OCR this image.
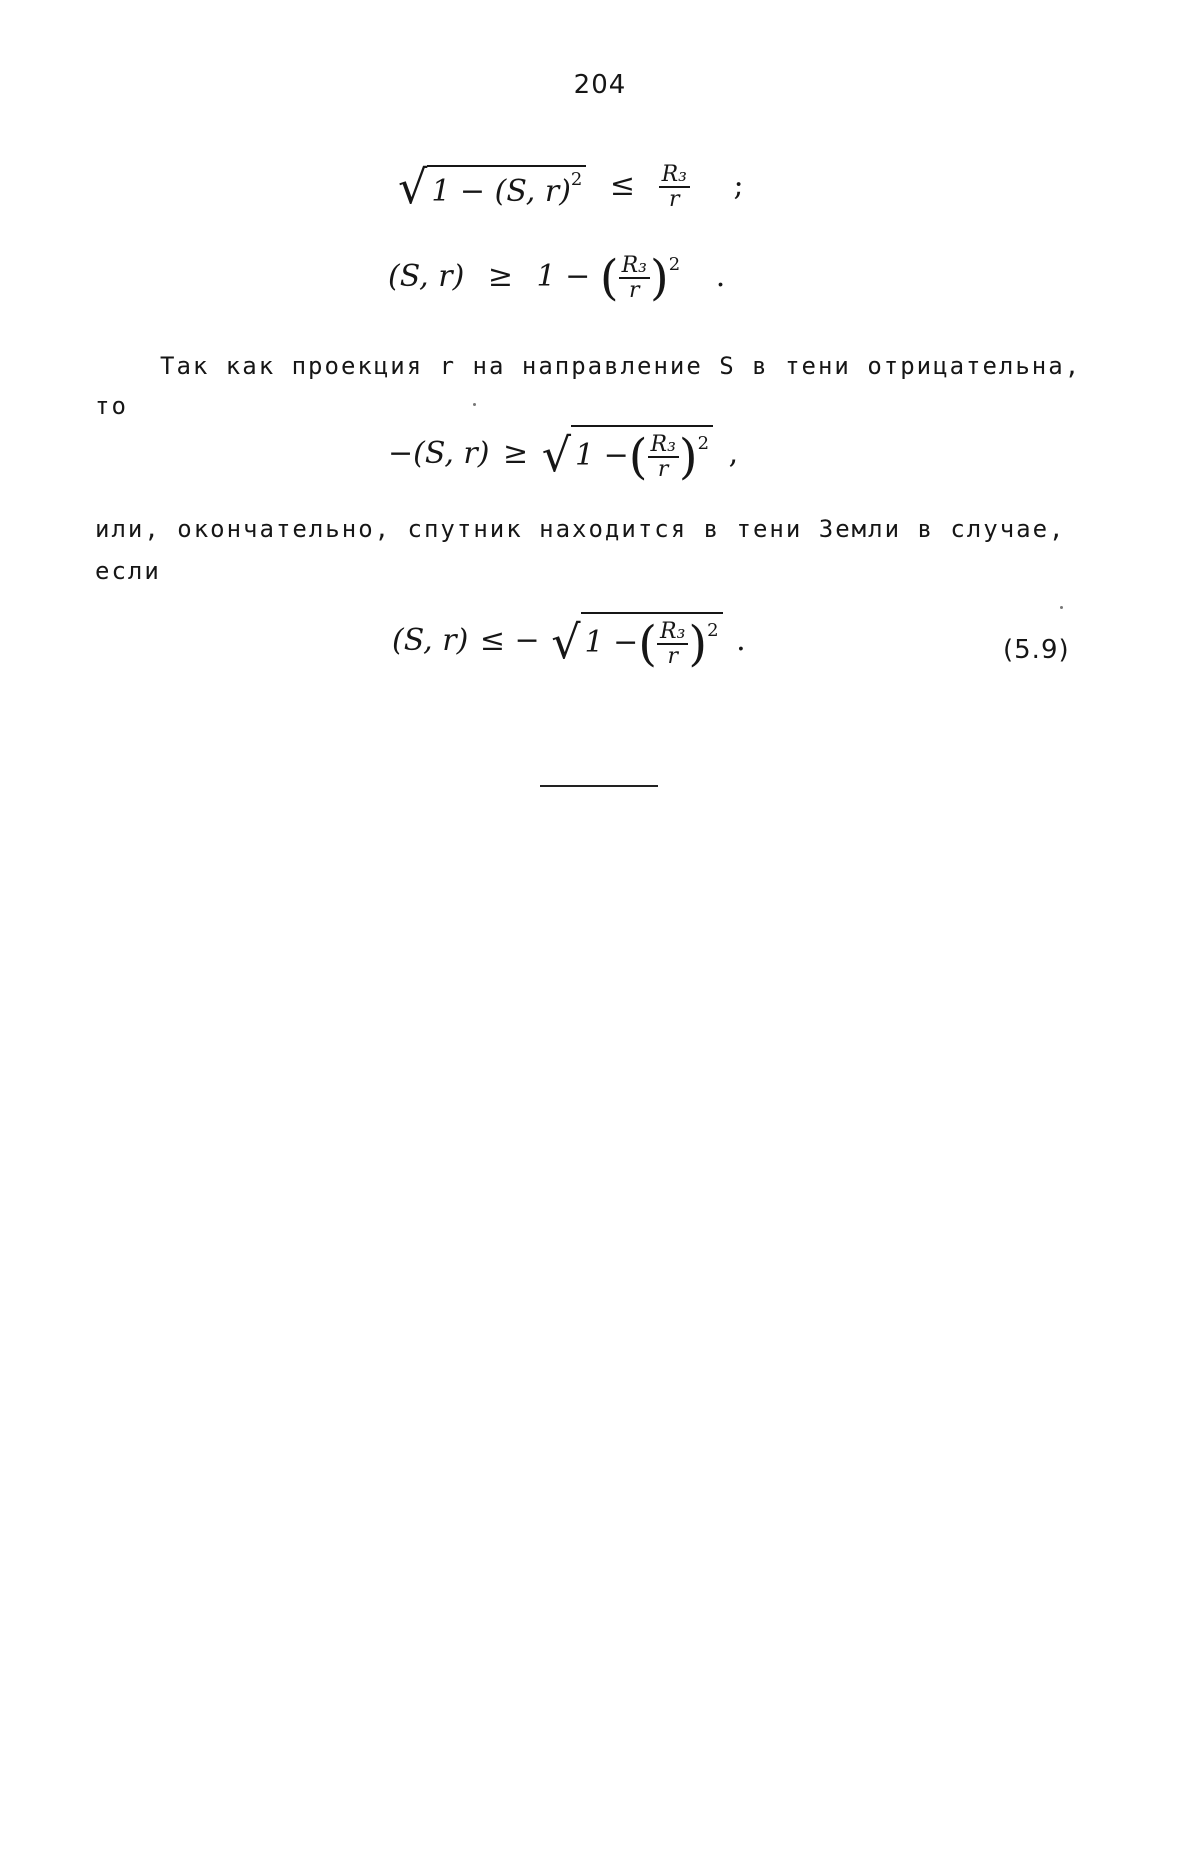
204
√ 1 − (S, $r)^2 \le \frac{\text{R₃}}{r}$ ;
(S, r) ≥ 1 − ( $\frac{\text{R₃}}{r} )^2$ .
Так как проекция r на направление S в тени отрицательна,
то
−(S, r) ≥ √ 1 −( $\frac{\text{R₃}}{r} )^2$ ,
или, окончательно, спутник находится в тени Земли в случае,
если
(S, r) ≤ − √ 1 −( $\frac{\text{R₃}}{r} )^2$ .	(5.9)
